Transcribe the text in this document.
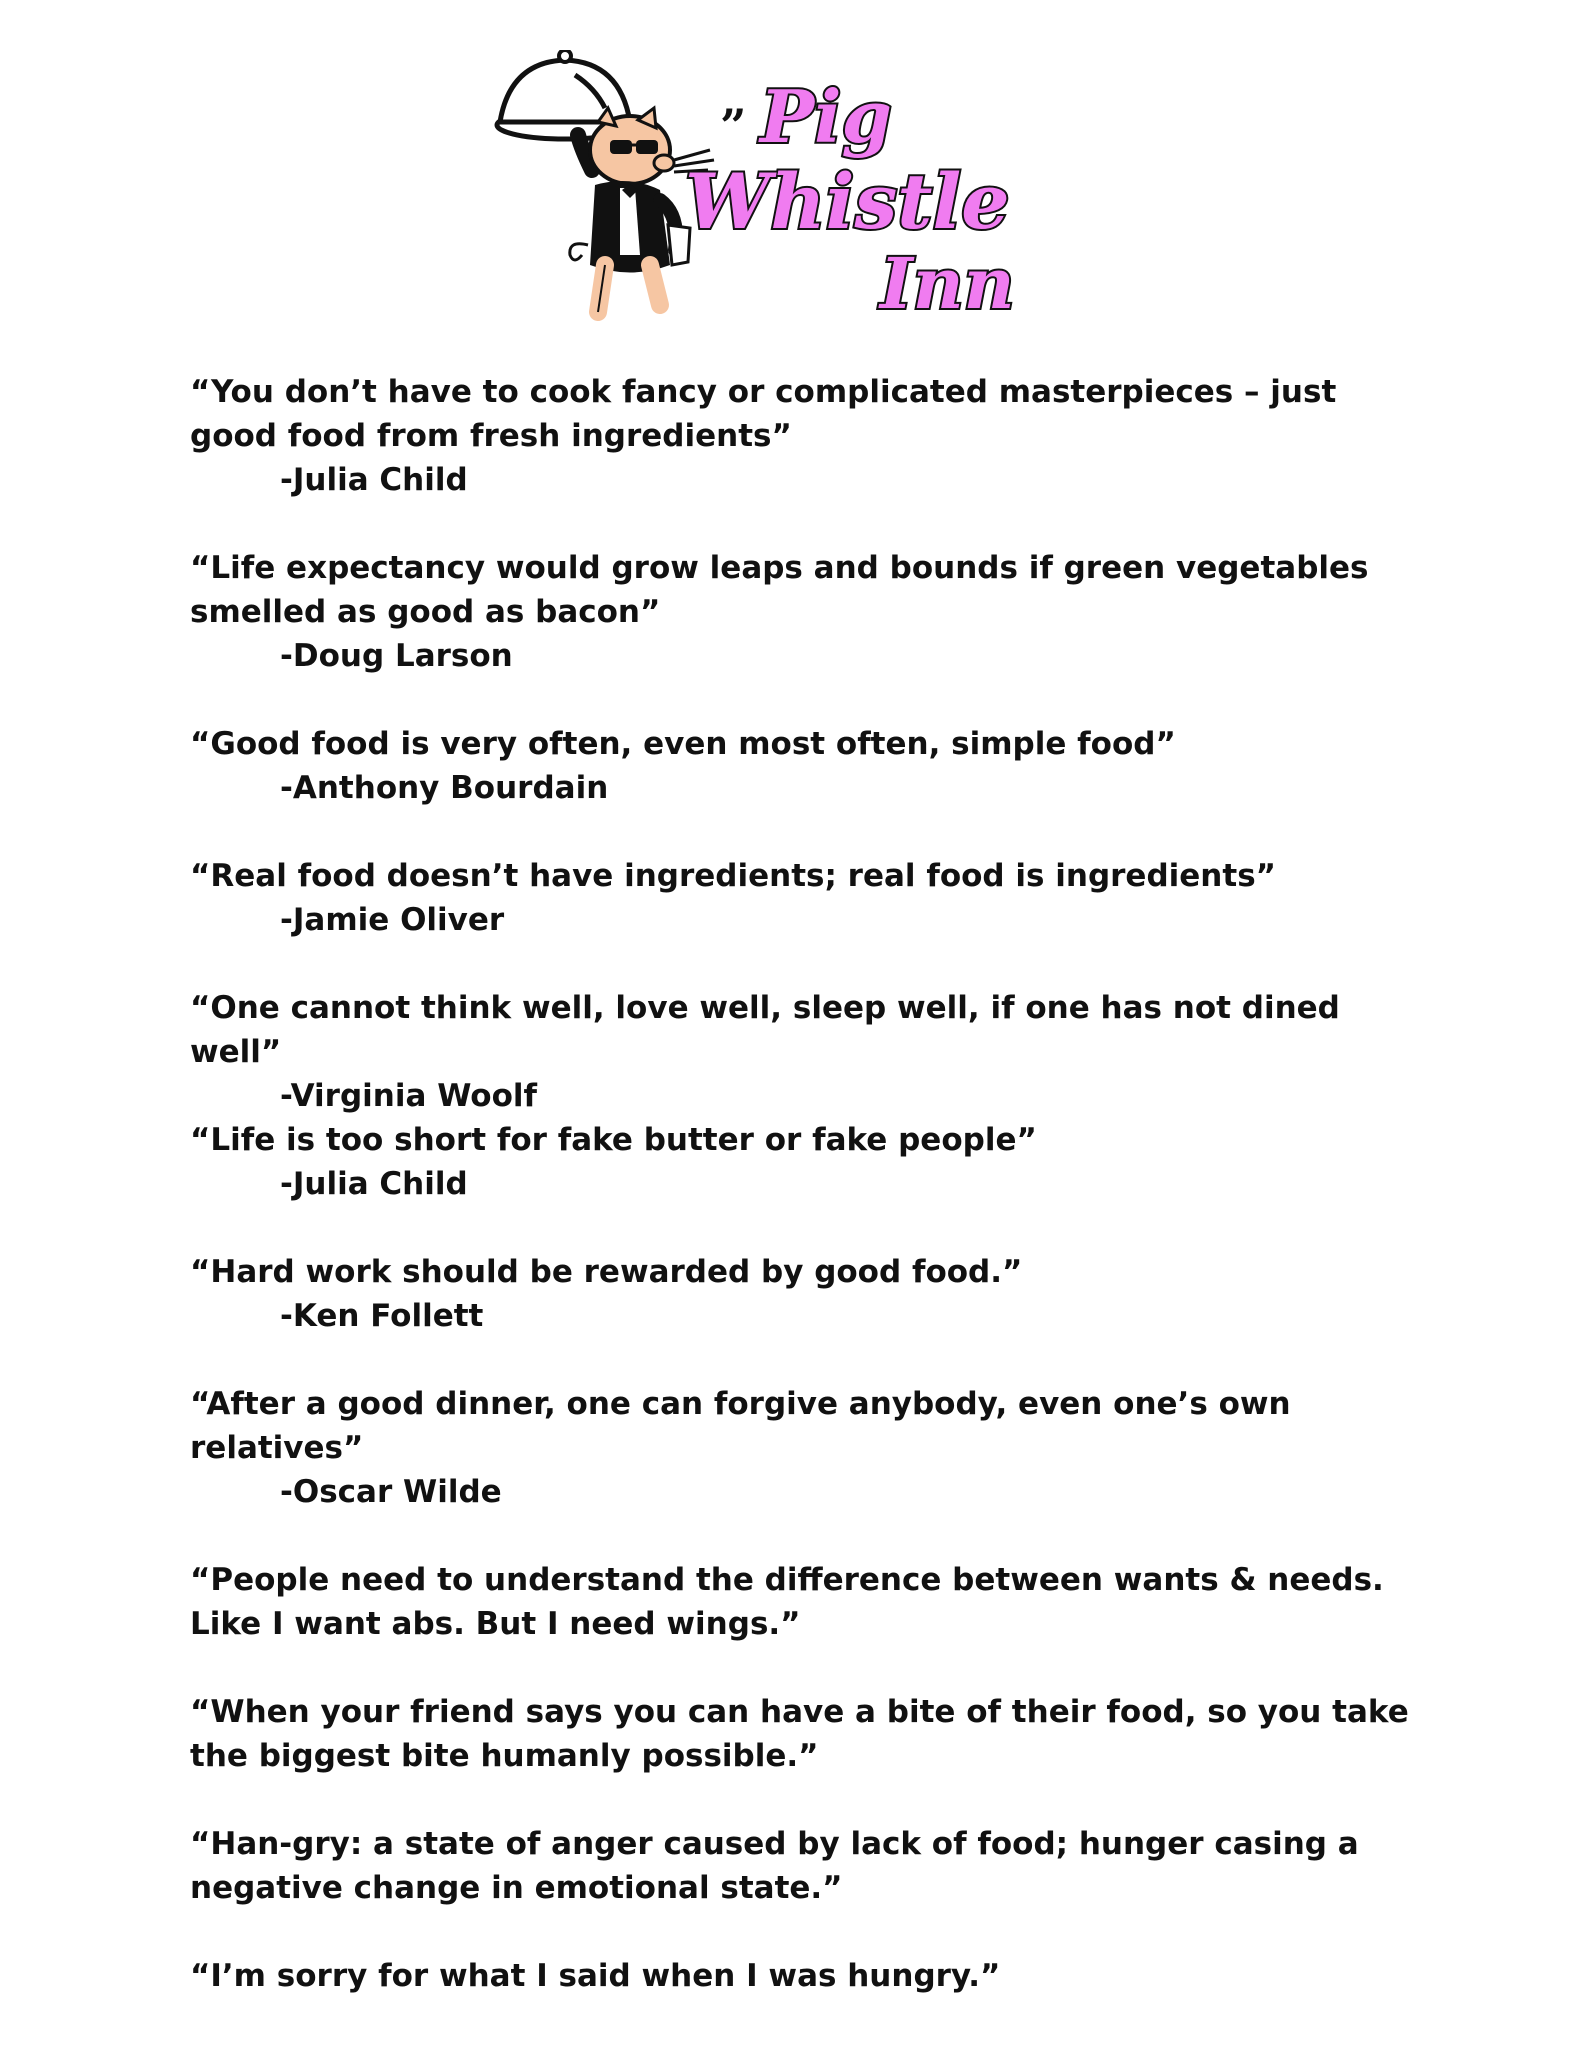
” Pig
Whistle
Inn

“You don’t have to cook fancy or complicated masterpieces – just good food from fresh ingredients”

-Julia Child

“Life expectancy would grow leaps and bounds if green vegetables smelled as good as bacon”

-Doug Larson

“Good food is very often, even most often, simple food”

-Anthony Bourdain

“Real food doesn’t have ingredients; real food is ingredients”

-Jamie Oliver

“One cannot think well, love well, sleep well, if one has not dined well”

-Virginia Woolf

“Life is too short for fake butter or fake people”

-Julia Child

“Hard work should be rewarded by good food.”

-Ken Follett

“After a good dinner, one can forgive anybody, even one’s own relatives”

-Oscar Wilde

“People need to understand the difference between wants & needs. Like I want abs. But I need wings.”

“When your friend says you can have a bite of their food, so you take the biggest bite humanly possible.”

“Han-gry: a state of anger caused by lack of food; hunger casing a negative change in emotional state.”

“I’m sorry for what I said when I was hungry.”
